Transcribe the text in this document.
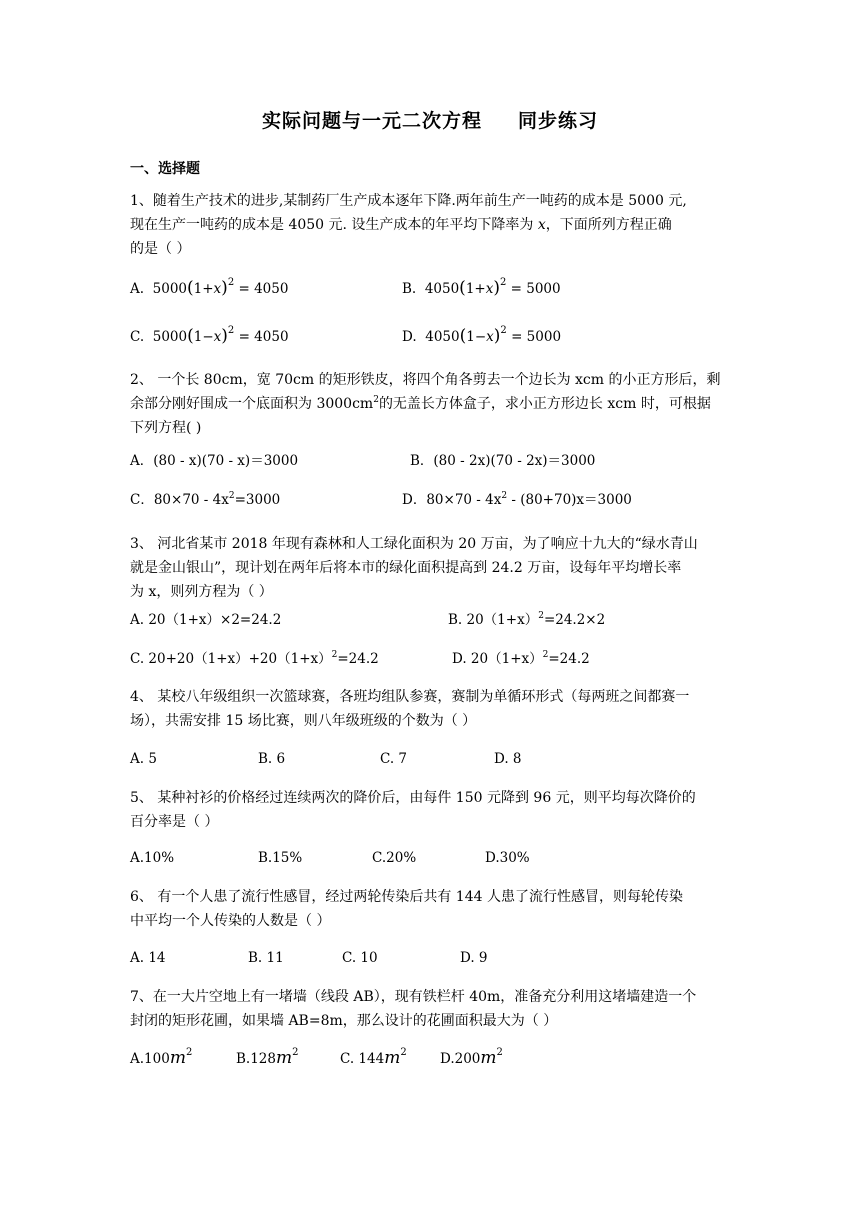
实际问题与一元二次方程 同步练习
一、选择题
1、随着生产技术的进步,某制药厂生产成本逐年下降.两年前生产一吨药的成本是 5000 元,
现在生产一吨药的成本是 4050 元. 设生产成本的年平均下降率为 x，下面所列方程正确
的是（ ）
A. $5000(1+x)^2 = 4050$	B. $4050(1+x)^2 = 5000$
C. $5000(1-x)^2 = 4050$	D. $4050(1-x)^2 = 5000$
2、 一个长 80cm，宽 70cm 的矩形铁皮，将四个角各剪去一个边长为 xcm 的小正方形后，剩
余部分刚好围成一个底面积为 $3000cm^2$的无盖长方体盒子，求小正方形边长 xcm 时，可根据
下列方程( )
A．(80 - x)(70 - x)＝3000	B．(80 - 2x)(70 - 2x)＝3000
C．$80\times 70 - 4x^2=3000$	D．$80\times 70 - 4x^2 - (80+70)x=3000$
3、 河北省某市 2018 年现有森林和人工绿化面积为 20 万亩，为了响应十九大的“绿水青山
就是金山银山”，现计划在两年后将本市的绿化面积提高到 24.2 万亩，设每年平均增长率
为 x，则列方程为（ ）
A. 20（1+x）×2=24.2	B. $20(1+x)^2=24.2\times 2$
C. $20+20(1+x)+20(1+x)^2=24.2$	D. $20(1+x)^2=24.2$
4、 某校八年级组织一次篮球赛，各班均组队参赛，赛制为单循环形式（每两班之间都赛一
场），共需安排 15 场比赛，则八年级班级的个数为（ ）
A. 5	B. 6	C. 7	D. 8
5、 某种衬衫的价格经过连续两次的降价后，由每件 150 元降到 96 元，则平均每次降价的
百分率是（ ）
A.10%	B.15%	C.20%	D.30%
6、 有一个人患了流行性感冒，经过两轮传染后共有 144 人患了流行性感冒，则每轮传染
中平均一个人传染的人数是（ ）
A. 14	B. 11	C. 10	D. 9
7、在一大片空地上有一堵墙（线段 AB），现有铁栏杆 40m，准备充分利用这堵墙建造一个
封闭的矩形花圃，如果墙 AB=8m，那么设计的花圃面积最大为（ ）
$A.100m^2$	$B.128m^2$	C. $144m^2$ $D.200m^2$
